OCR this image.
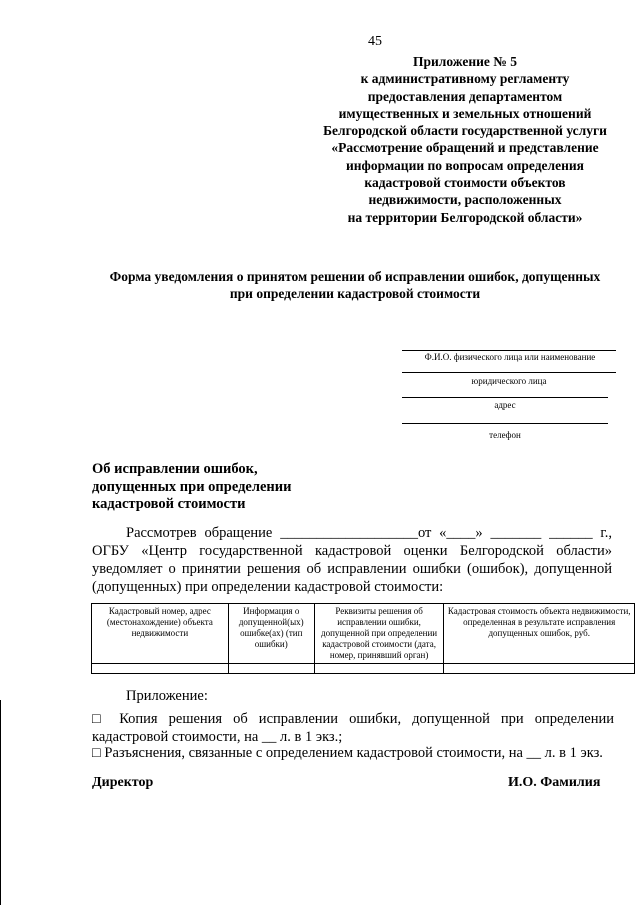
45
Приложение № 5
к административному регламенту
предоставления департаментом
имущественных и земельных отношений
Белгородской области государственной услуги
«Рассмотрение обращений и представление
информации по вопросам определения
кадастровой стоимости объектов
недвижимости, расположенных
на территории Белгородской области»
Форма уведомления о принятом решении об исправлении ошибок, допущенных
при определении кадастровой стоимости
Ф.И.О. физического лица или наименование
юридического лица
адрес
телефон
Об исправлении ошибок,
допущенных при определении
кадастровой стоимости

Рассмотрев обращение ___________________от «____» _______ ______ г., ОГБУ «Центр государственной кадастровой оценки Белгородской области» уведомляет о принятии решения об исправлении ошибки (ошибок), допущенной (допущенных) при определении кадастровой стоимости:

Кадастровый номер, адрес (местонахождение) объекта недвижимости	Информация о допущенной(ых) ошибке(ах) (тип ошибки)	Реквизиты решения об исправлении ошибки, допущенной при определении кадастровой стоимости (дата, номер, принявший орган)	Кадастровая стоимость объекта недвижимости, определенная в результате исправления допущенных ошибок, руб.

Приложение:
□ Копия решения об исправлении ошибки, допущенной при определении кадастровой стоимости, на __ л. в 1 экз.;
□ Разъяснения, связанные с определением кадастровой стоимости, на __ л. в 1 экз.
Директор	И.О. Фамилия
